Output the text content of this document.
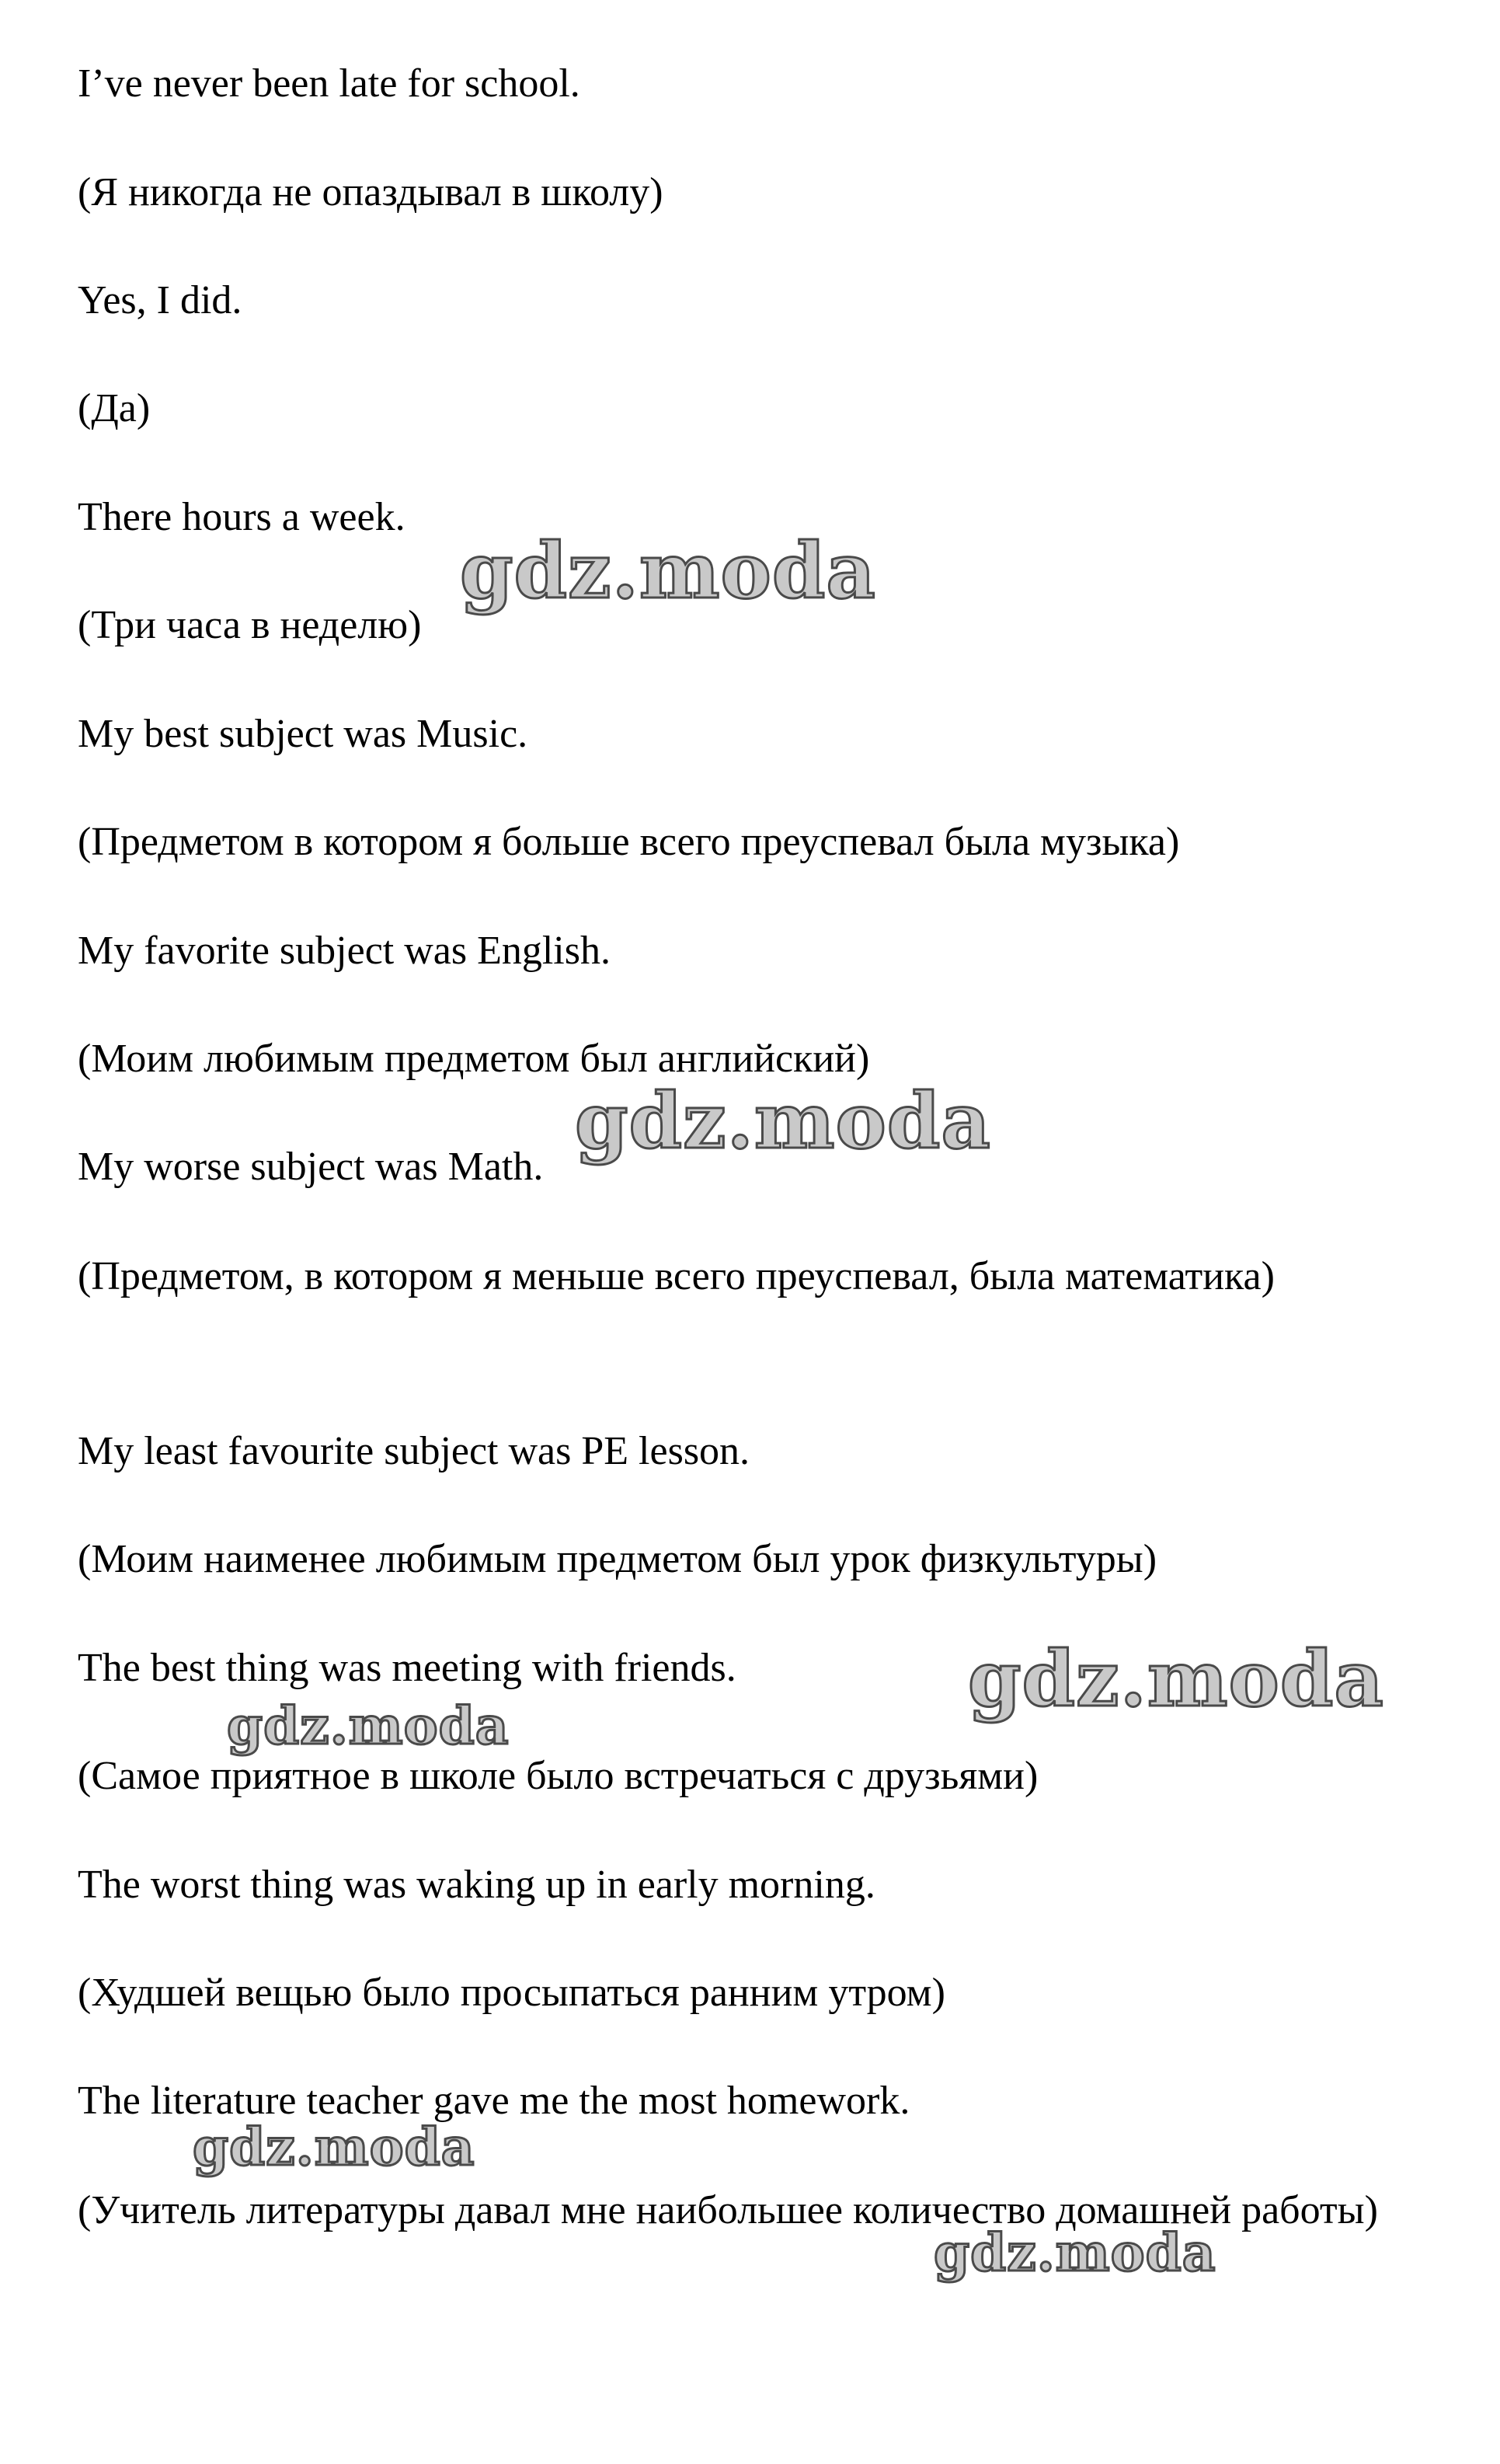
I’ve never been late for school.
(Я никогда не опаздывал в школу)
Yes, I did.
(Да)
There hours a week.
(Три часа в неделю)
My best subject was Music.
(Предметом в котором я больше всего преуспевал была музыка)
My favorite subject was English.
(Моим любимым предметом был английский)
My worse subject was Math.
(Предметом, в котором я меньше всего преуспевал, была математика)
My least favourite subject was PE lesson.
(Моим наименее любимым предметом был урок физкультуры)
The best thing was meeting with friends.
(Самое приятное в школе было встречаться с друзьями)
The worst thing was waking up in early morning.
(Худшей вещью было просыпаться ранним утром)
The literature teacher gave me the most homework.
(Учитель литературы давал мне наибольшее количество домашней работы)
gdz.moda
gdz.moda
gdz.moda
gdz.moda
gdz.moda
gdz.moda
